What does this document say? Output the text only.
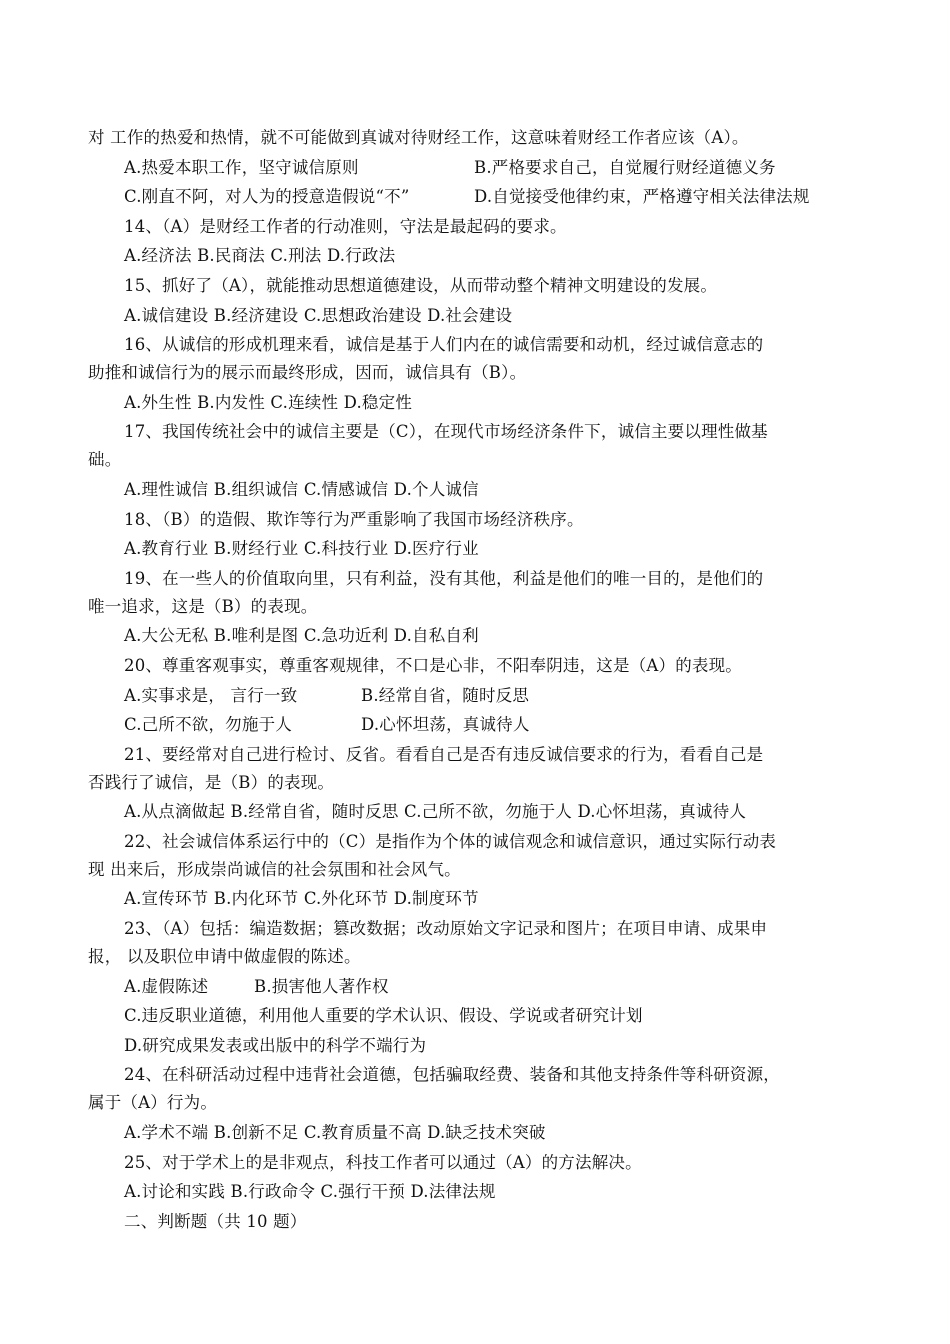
对 工作的热爱和热情，就不可能做到真诚对待财经工作，这意味着财经工作者应该（A）。
A.热爱本职工作，坚守诚信原则	B.严格要求自己，自觉履行财经道德义务
C.刚直不阿，对人为的授意造假说“不”	D.自觉接受他律约束，严格遵守相关法律法规
14、（A）是财经工作者的行动准则，守法是最起码的要求。
A.经济法 B.民商法 C.刑法 D.行政法
15、抓好了（A），就能推动思想道德建设，从而带动整个精神文明建设的发展。
A.诚信建设 B.经济建设 C.思想政治建设 D.社会建设
16、从诚信的形成机理来看，诚信是基于人们内在的诚信需要和动机，经过诚信意志的
助推和诚信行为的展示而最终形成，因而，诚信具有（B）。
A.外生性 B.内发性 C.连续性 D.稳定性
17、我国传统社会中的诚信主要是（C），在现代市场经济条件下，诚信主要以理性做基
础。
A.理性诚信 B.组织诚信 C.情感诚信 D.个人诚信
18、（B）的造假、欺诈等行为严重影响了我国市场经济秩序。
A.教育行业 B.财经行业 C.科技行业 D.医疗行业
19、在一些人的价值取向里，只有利益，没有其他，利益是他们的唯一目的，是他们的
唯一追求，这是（B）的表现。
A.大公无私 B.唯利是图 C.急功近利 D.自私自利
20、尊重客观事实，尊重客观规律，不口是心非，不阳奉阴违，这是（A）的表现。
A.实事求是， 言行一致	B.经常自省，随时反思
C.己所不欲，勿施于人	D.心怀坦荡，真诚待人
21、要经常对自己进行检讨、反省。看看自己是否有违反诚信要求的行为，看看自己是
否践行了诚信，是（B）的表现。
A.从点滴做起 B.经常自省，随时反思 C.己所不欲，勿施于人 D.心怀坦荡，真诚待人
22、社会诚信体系运行中的（C）是指作为个体的诚信观念和诚信意识，通过实际行动表
现 出来后，形成崇尚诚信的社会氛围和社会风气。
A.宣传环节 B.内化环节 C.外化环节 D.制度环节
23、（A）包括：编造数据；篡改数据；改动原始文字记录和图片；在项目申请、成果申
报， 以及职位申请中做虚假的陈述。
A.虚假陈述	B.损害他人著作权
C.违反职业道德，利用他人重要的学术认识、假设、学说或者研究计划
D.研究成果发表或出版中的科学不端行为
24、在科研活动过程中违背社会道德，包括骗取经费、装备和其他支持条件等科研资源，
属于（A）行为。
A.学术不端 B.创新不足 C.教育质量不高 D.缺乏技术突破
25、对于学术上的是非观点，科技工作者可以通过（A）的方法解决。
A.讨论和实践 B.行政命令 C.强行干预 D.法律法规
二、判断题（共 10 题）
